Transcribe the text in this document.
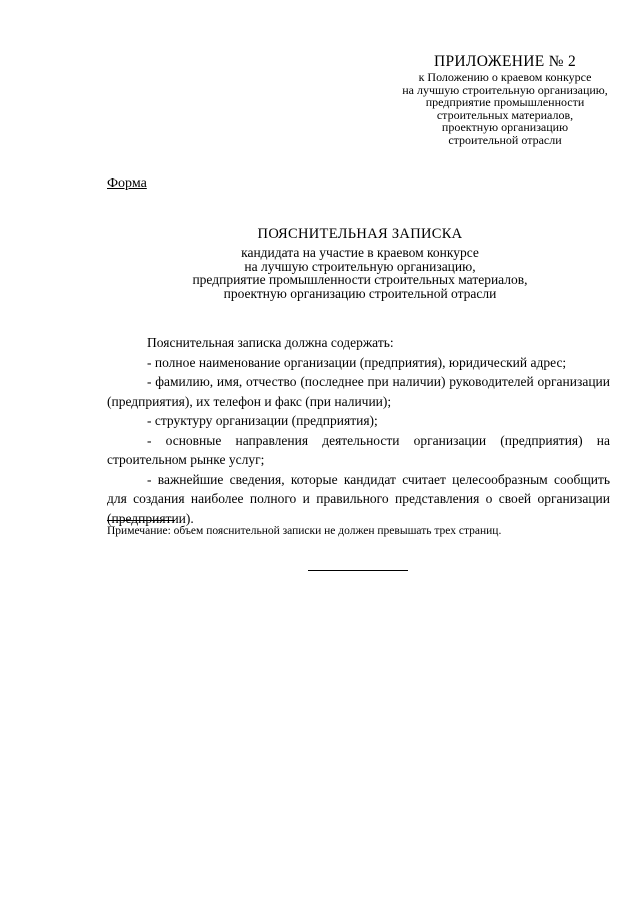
ПРИЛОЖЕНИЕ № 2
к Положению о краевом конкурсе
на лучшую строительную организацию,
предприятие промышленности
строительных материалов,
проектную организацию
строительной отрасли
Форма
ПОЯСНИТЕЛЬНАЯ ЗАПИСКА
кандидата на участие в краевом конкурсе
на лучшую строительную организацию,
предприятие промышленности строительных материалов,
проектную организацию строительной отрасли

Пояснительная записка должна содержать:

- полное наименование организации (предприятия), юридический адрес;

- фамилию, имя, отчество (последнее при наличии) руководителей организации (предприятия), их телефон и факс (при наличии);

- структуру организации (предприятия);

- основные направления деятельности организации (предприятия) на строительном рынке услуг;

- важнейшие сведения, которые кандидат считает целесообразным сообщить для создания наиболее полного и правильного представления о своей организации (предприятии).

Примечание: объем пояснительной записки не должен превышать трех страниц.
